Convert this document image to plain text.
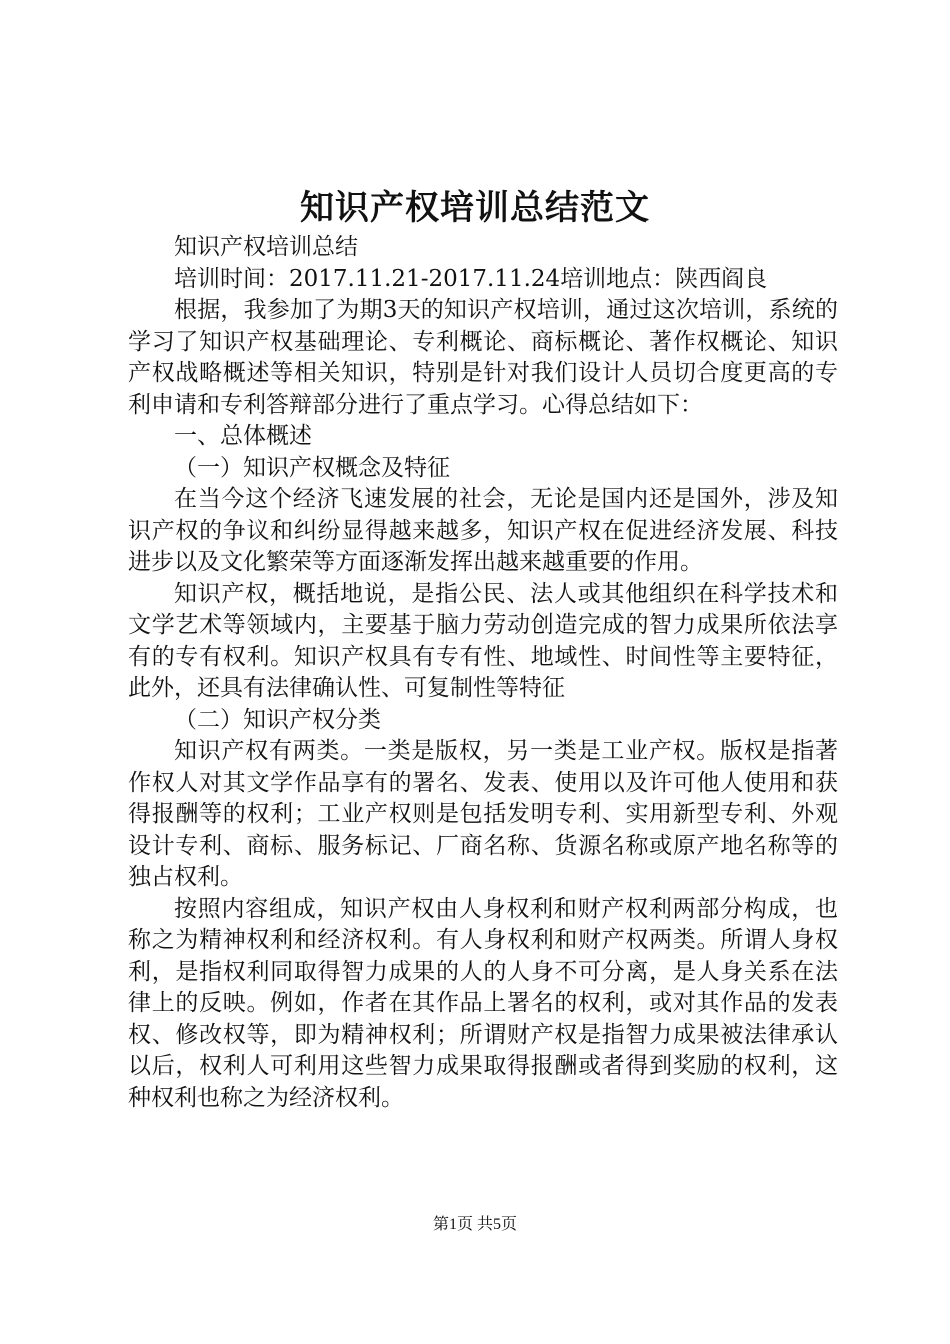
知识产权培训总结范文

知识产权培训总结

培训时间：2017.11.21-2017.11.24培训地点：陕西阎良

根据，我参加了为期3天的知识产权培训，通过这次培训，系统的学习了知识产权基础理论、专利概论、商标概论、著作权概论、知识产权战略概述等相关知识，特别是针对我们设计人员切合度更高的专利申请和专利答辩部分进行了重点学习。心得总结如下：

一、总体概述

（一）知识产权概念及特征

在当今这个经济飞速发展的社会，无论是国内还是国外，涉及知识产权的争议和纠纷显得越来越多，知识产权在促进经济发展、科技进步以及文化繁荣等方面逐渐发挥出越来越重要的作用。

知识产权，概括地说，是指公民、法人或其他组织在科学技术和文学艺术等领域内，主要基于脑力劳动创造完成的智力成果所依法享有的专有权利。知识产权具有专有性、地域性、时间性等主要特征，此外，还具有法律确认性、可复制性等特征

（二）知识产权分类

知识产权有两类。一类是版权，另一类是工业产权。版权是指著作权人对其文学作品享有的署名、发表、使用以及许可他人使用和获得报酬等的权利；工业产权则是包括发明专利、实用新型专利、外观设计专利、商标、服务标记、厂商名称、货源名称或原产地名称等的独占权利。

按照内容组成，知识产权由人身权利和财产权利两部分构成，也称之为精神权利和经济权利。有人身权利和财产权两类。所谓人身权利，是指权利同取得智力成果的人的人身不可分离，是人身关系在法律上的反映。例如，作者在其作品上署名的权利，或对其作品的发表权、修改权等，即为精神权利；所谓财产权是指智力成果被法律承认以后，权利人可利用这些智力成果取得报酬或者得到奖励的权利，这种权利也称之为经济权利。

第1页 共5页
